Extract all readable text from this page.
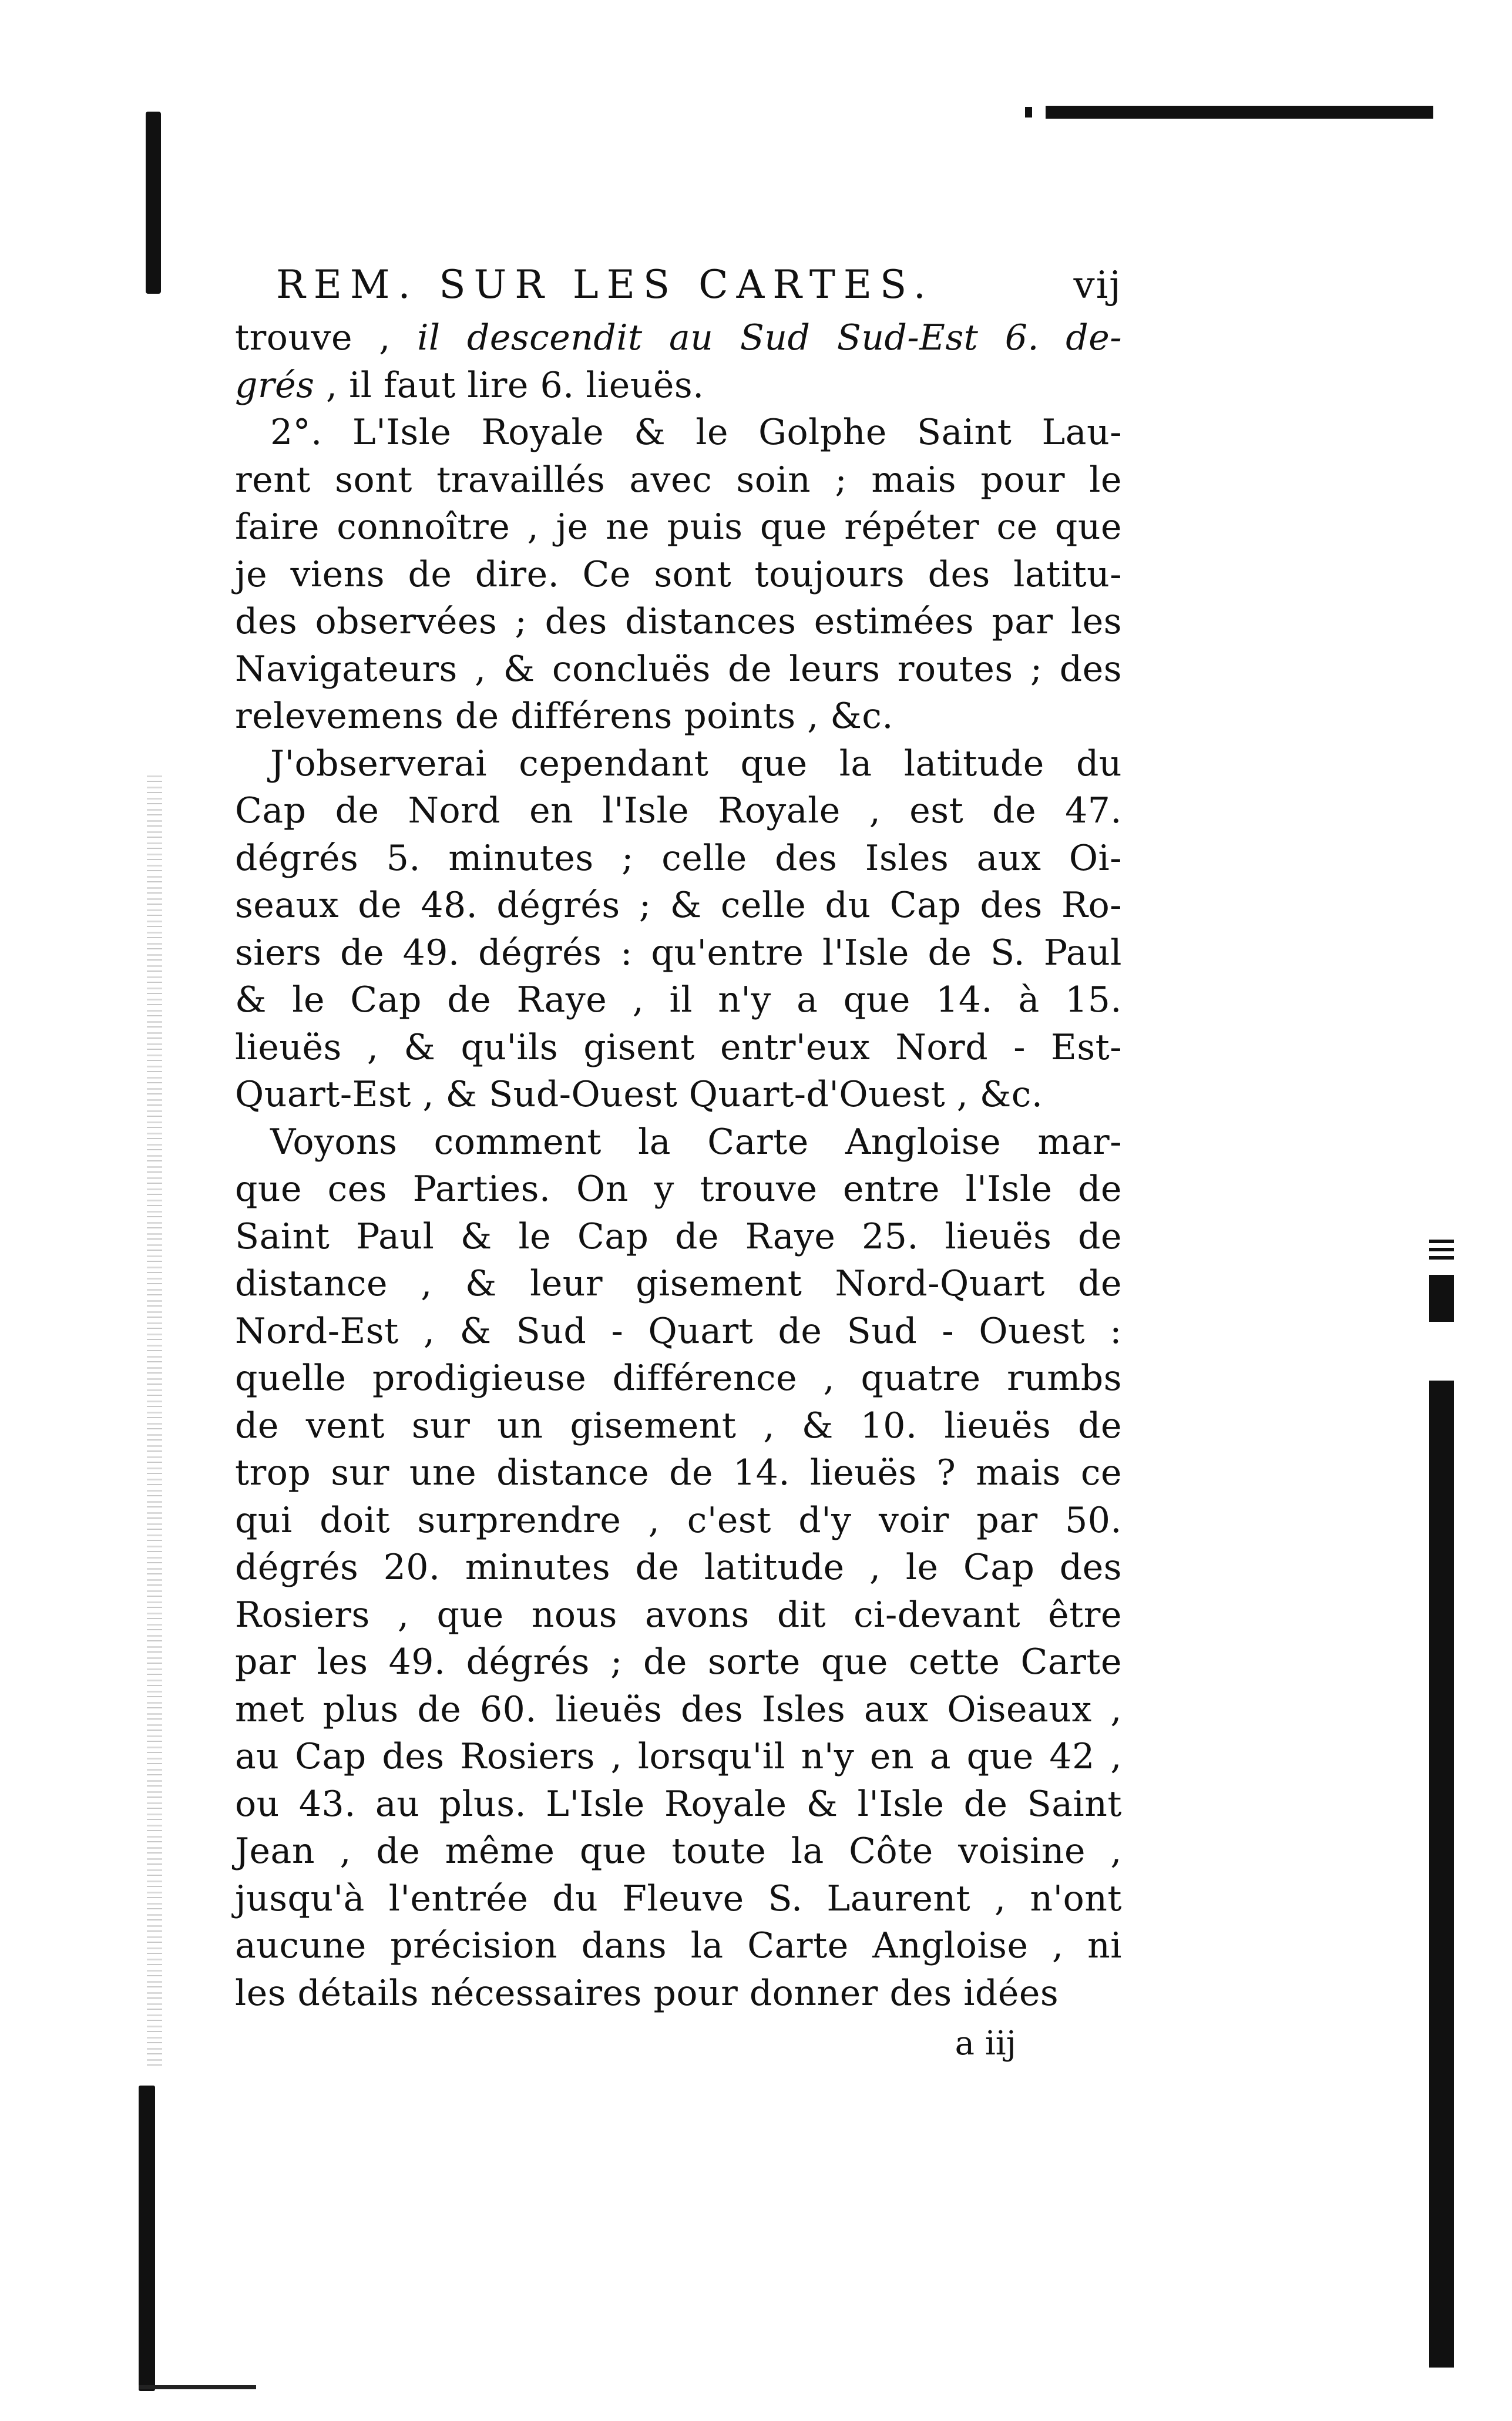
REM. SUR LES CARTES.	vij
trouve , il descendit au Sud Sud-Est 6. de-
grés , il faut lire 6. lieuës.
2°. L'Isle Royale & le Golphe Saint Lau-
rent sont travaillés avec soin ; mais pour le
faire connoître , je ne puis que répéter ce que
je viens de dire. Ce sont toujours des latitu-
des observées ; des distances estimées par les
Navigateurs , & concluës de leurs routes ; des
relevemens de différens points , &c.
J'observerai cependant que la latitude du
Cap de Nord en l'Isle Royale , est de 47.
dégrés 5. minutes ; celle des Isles aux Oi-
seaux de 48. dégrés ; & celle du Cap des Ro-
siers de 49. dégrés : qu'entre l'Isle de S. Paul
& le Cap de Raye , il n'y a que 14. à 15.
lieuës , & qu'ils gisent entr'eux Nord - Est-
Quart-Est , & Sud-Ouest Quart-d'Ouest , &c.
Voyons comment la Carte Angloise mar-
que ces Parties. On y trouve entre l'Isle de
Saint Paul & le Cap de Raye 25. lieuës de
distance , & leur gisement Nord-Quart de
Nord-Est , & Sud - Quart de Sud - Ouest :
quelle prodigieuse différence , quatre rumbs
de vent sur un gisement , & 10. lieuës de
trop sur une distance de 14. lieuës ? mais ce
qui doit surprendre , c'est d'y voir par 50.
dégrés 20. minutes de latitude , le Cap des
Rosiers , que nous avons dit ci-devant être
par les 49. dégrés ; de sorte que cette Carte
met plus de 60. lieuës des Isles aux Oiseaux ,
au Cap des Rosiers , lorsqu'il n'y en a que 42 ,
ou 43. au plus. L'Isle Royale & l'Isle de Saint
Jean , de même que toute la Côte voisine ,
jusqu'à l'entrée du Fleuve S. Laurent , n'ont
aucune précision dans la Carte Angloise , ni
les détails nécessaires pour donner des idées
a iij
